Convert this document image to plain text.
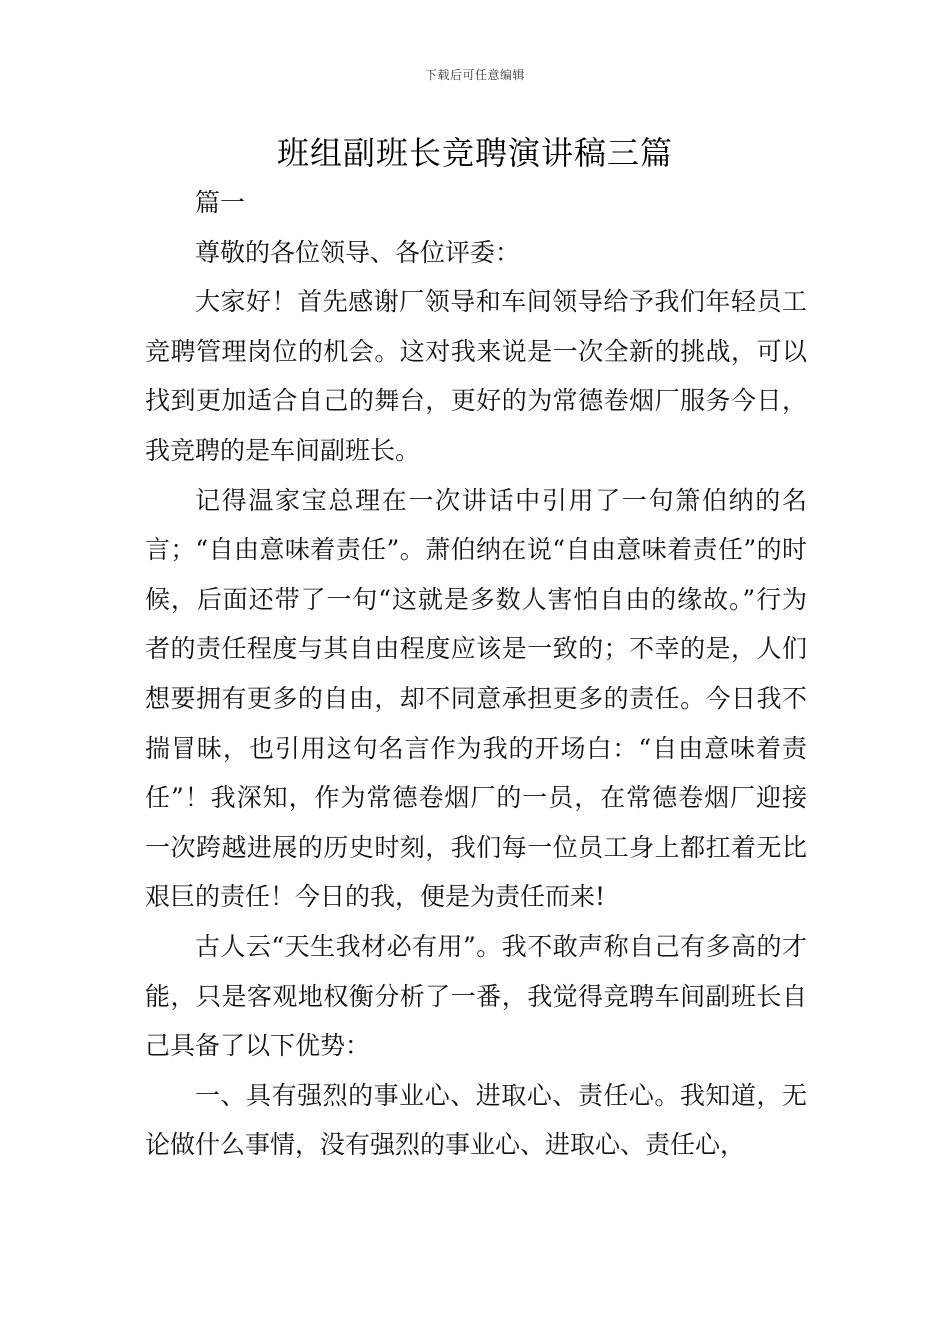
下载后可任意编辑
班组副班长竞聘演讲稿三篇

篇一

尊敬的各位领导、各位评委：

大家好！首先感谢厂领导和车间领导给予我们年轻员工竞聘管理岗位的机会。这对我来说是一次全新的挑战，可以找到更加适合自己的舞台，更好的为常德卷烟厂服务今日，我竞聘的是车间副班长。

记得温家宝总理在一次讲话中引用了一句箫伯纳的名言；“自由意味着责任”。萧伯纳在说“自由意味着责任”的时候，后面还带了一句“这就是多数人害怕自由的缘故。”行为者的责任程度与其自由程度应该是一致的；不幸的是，人们想要拥有更多的自由，却不同意承担更多的责任。今日我不揣冒昧，也引用这句名言作为我的开场白：“自由意味着责任”！我深知，作为常德卷烟厂的一员，在常德卷烟厂迎接一次跨越进展的历史时刻，我们每一位员工身上都扛着无比艰巨的责任！今日的我，便是为责任而来!

古人云“天生我材必有用”。我不敢声称自己有多高的才能，只是客观地权衡分析了一番，我觉得竞聘车间副班长自己具备了以下优势：

一、具有强烈的事业心、进取心、责任心。我知道，无论做什么事情，没有强烈的事业心、进取心、责任心，
